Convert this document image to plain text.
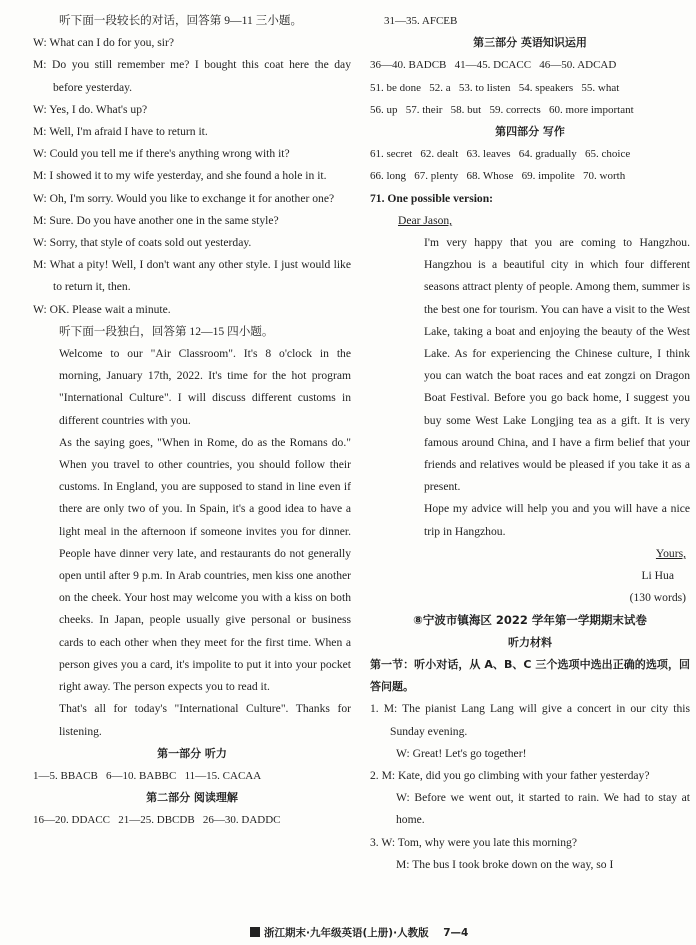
听下面一段较长的对话，回答第 9—11 三小题。

W: What can I do for you, sir?

M: Do you still remember me? I bought this coat here the day before yesterday.

W: Yes, I do. What's up?

M: Well, I'm afraid I have to return it.

W: Could you tell me if there's anything wrong with it?

M: I showed it to my wife yesterday, and she found a hole in it.

W: Oh, I'm sorry. Would you like to exchange it for another one?

M: Sure. Do you have another one in the same style?

W: Sorry, that style of coats sold out yesterday.

M: What a pity! Well, I don't want any other style. I just would like to return it, then.

W: OK. Please wait a minute.

听下面一段独白，回答第 12—15 四小题。

Welcome to our "Air Classroom". It's 8 o'clock in the morning, January 17th, 2022. It's time for the hot program "International Culture". I will discuss different customs in different countries with you.

As the saying goes, "When in Rome, do as the Romans do." When you travel to other countries, you should follow their customs. In England, you are supposed to stand in line even if there are only two of you. In Spain, it's a good idea to have a light meal in the afternoon if someone invites you for dinner. People have dinner very late, and restaurants do not generally open until after 9 p.m. In Arab countries, men kiss one another on the cheek. Your host may welcome you with a kiss on both cheeks. In Japan, people usually give personal or business cards to each other when they meet for the first time. When a person gives you a card, it's impolite to put it into your pocket right away. The person expects you to read it.

That's all for today's "International Culture". Thanks for listening.

第一部分 听力

1—5. BBACB   6—10. BABBC   11—15. CACAA

第二部分 阅读理解

16—20. DDACC   21—25. DBCDB   26—30. DADDC

31—35. AFCEB

第三部分 英语知识运用

36—40. BADCB   41—45. DCACC   46—50. ADCAD

51. be done   52. a   53. to listen   54. speakers   55. what

56. up   57. their   58. but   59. corrects   60. more important

第四部分 写作

61. secret   62. dealt   63. leaves   64. gradually   65. choice

66. long   67. plenty   68. Whose   69. impolite   70. worth

71. One possible version:

Dear Jason,

I'm very happy that you are coming to Hangzhou. Hangzhou is a beautiful city in which four different seasons attract plenty of people. Among them, summer is the best one for tourism. You can have a visit to the West Lake, taking a boat and enjoying the beauty of the West Lake. As for experiencing the Chinese culture, I think you can watch the boat races and eat zongzi on Dragon Boat Festival. Before you go back home, I suggest you buy some West Lake Longjing tea as a gift. It is very famous around China, and I have a firm belief that your friends and relatives would be pleased if you take it as a present.

Hope my advice will help you and you will have a nice trip in Hangzhou.

Yours,

Li Hua

(130 words)

⑧宁波市镇海区 2022 学年第一学期期末试卷

听力材料

第一节：听小对话，从 A、B、C 三个选项中选出正确的选项，回答问题。

1. M: The pianist Lang Lang will give a concert in our city this Sunday evening.

W: Great! Let's go together!

2. M: Kate, did you go climbing with your father yesterday?

W: Before we went out, it started to rain. We had to stay at home.

3. W: Tom, why were you late this morning?

M: The bus I took broke down on the way, so I

浙江期末·九年级英语(上册)·人教版 7—4
